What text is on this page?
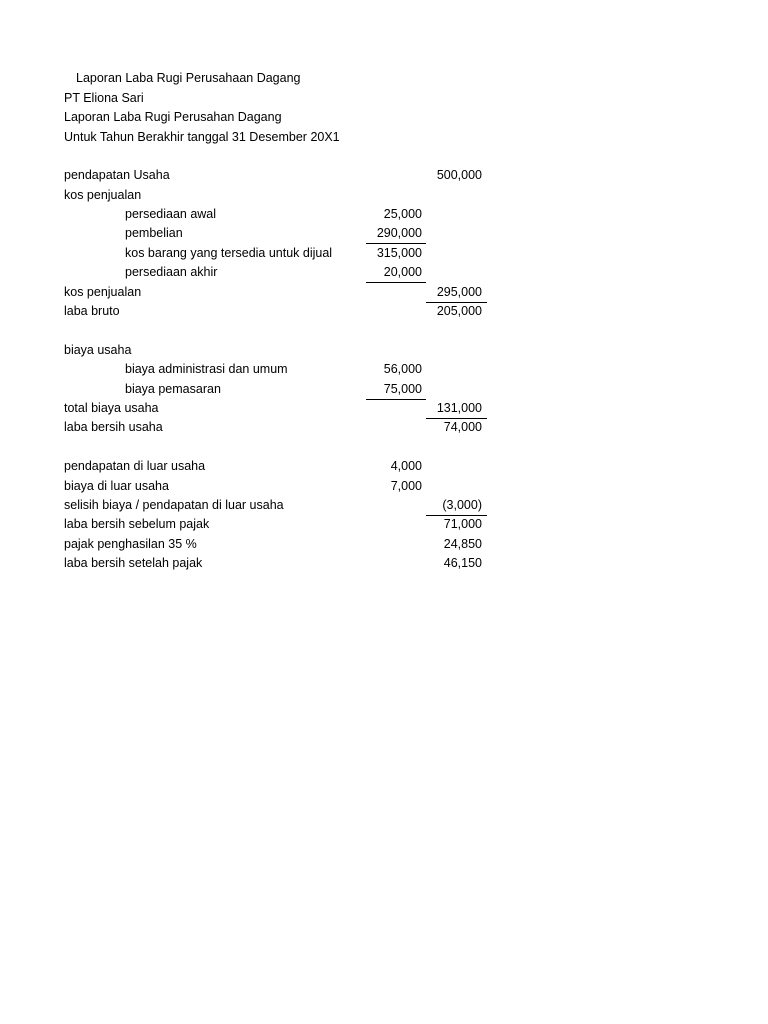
Laporan Laba Rugi Perusahaan Dagang
PT Eliona Sari
Laporan Laba Rugi Perusahan Dagang
Untuk Tahun Berakhir tanggal 31 Desember 20X1
pendapatan Usaha	500,000
kos penjualan
persediaan awal	25,000
pembelian	290,000
kos barang yang tersedia untuk dijual	315,000
persediaan akhir	20,000
kos penjualan	295,000
laba bruto	205,000
biaya usaha
biaya administrasi dan umum	56,000
biaya pemasaran	75,000
total biaya usaha	131,000
laba bersih usaha	74,000
pendapatan di luar usaha	4,000
biaya di luar usaha	7,000
selisih biaya / pendapatan di luar usaha	(3,000)
laba bersih sebelum pajak	71,000
pajak penghasilan 35 %	24,850
laba bersih setelah pajak	46,150
